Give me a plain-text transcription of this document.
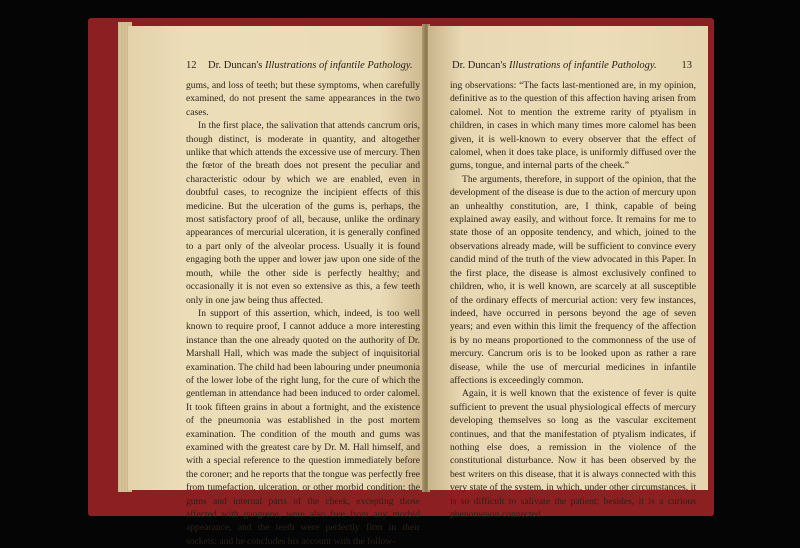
12 Dr. Duncan's Illustrations of infantile Pathology.

gums, and loss of teeth; but these symptoms, when carefully examined, do not present the same appearances in the two cases.

In the first place, the salivation that attends cancrum oris, though distinct, is moderate in quantity, and altogether unlike that which attends the excessive use of mercury. Then the fœtor of the breath does not present the peculiar and characteristic odour by which we are enabled, even in doubtful cases, to recognize the incipient effects of this medicine. But the ulceration of the gums is, perhaps, the most satisfactory proof of all, because, unlike the ordinary appearances of mercurial ulceration, it is generally confined to a part only of the alveolar process. Usually it is found engaging both the upper and lower jaw upon one side of the mouth, while the other side is perfectly healthy; and occasionally it is not even so extensive as this, a few teeth only in one jaw being thus affected.

In support of this assertion, which, indeed, is too well known to require proof, I cannot adduce a more interesting instance than the one already quoted on the authority of Dr. Marshall Hall, which was made the subject of inquisitorial examination. The child had been labouring under pneumonia of the lower lobe of the right lung, for the cure of which the gentleman in attendance had been induced to order calomel. It took fifteen grains in about a fortnight, and the existence of the pneumonia was established in the post mortem examination. The condition of the mouth and gums was examined with the greatest care by Dr. M. Hall himself, and with a special reference to the question immediately before the coroner; and he reports that the tongue was perfectly free from tumefaction, ulceration, or other morbid condition; the gums and internal parts of the cheek, excepting those affected with gangrene, were also free from any morbid appearance, and the teeth were perfectly firm in their sockets: and he concludes his account with the follow-

Dr. Duncan's Illustrations of infantile Pathology. 13

ing observations: “The facts last-mentioned are, in my opinion, definitive as to the question of this affection having arisen from calomel. Not to mention the extreme rarity of ptyalism in children, in cases in which many times more calomel has been given, it is well-known to every observer that the effect of calomel, when it does take place, is uniformly diffused over the gums, tongue, and internal parts of the cheek.”

The arguments, therefore, in support of the opinion, that the development of the disease is due to the action of mercury upon an unhealthy constitution, are, I think, capable of being explained away easily, and without force. It remains for me to state those of an opposite tendency, and which, joined to the observations already made, will be sufficient to convince every candid mind of the truth of the view advocated in this Paper. In the first place, the disease is almost exclusively confined to children, who, it is well known, are scarcely at all susceptible of the ordinary effects of mercurial action: very few instances, indeed, have occurred in persons beyond the age of seven years; and even within this limit the frequency of the affection is by no means proportioned to the commonness of the use of mercury. Cancrum oris is to be looked upon as rather a rare disease, while the use of mercurial medicines in infantile affections is exceedingly common.

Again, it is well known that the existence of fever is quite sufficient to prevent the usual physiological effects of mercury developing themselves so long as the vascular excitement continues, and that the manifestation of ptyalism indicates, if nothing else does, a remission in the violence of the constitutional disturbance. Now it has been observed by the best writers on this disease, that it is always connected with this very state of the system, in which, under other circumstances, it is so difficult to salivate the patient; besides, it is a curious phenomenon connected
